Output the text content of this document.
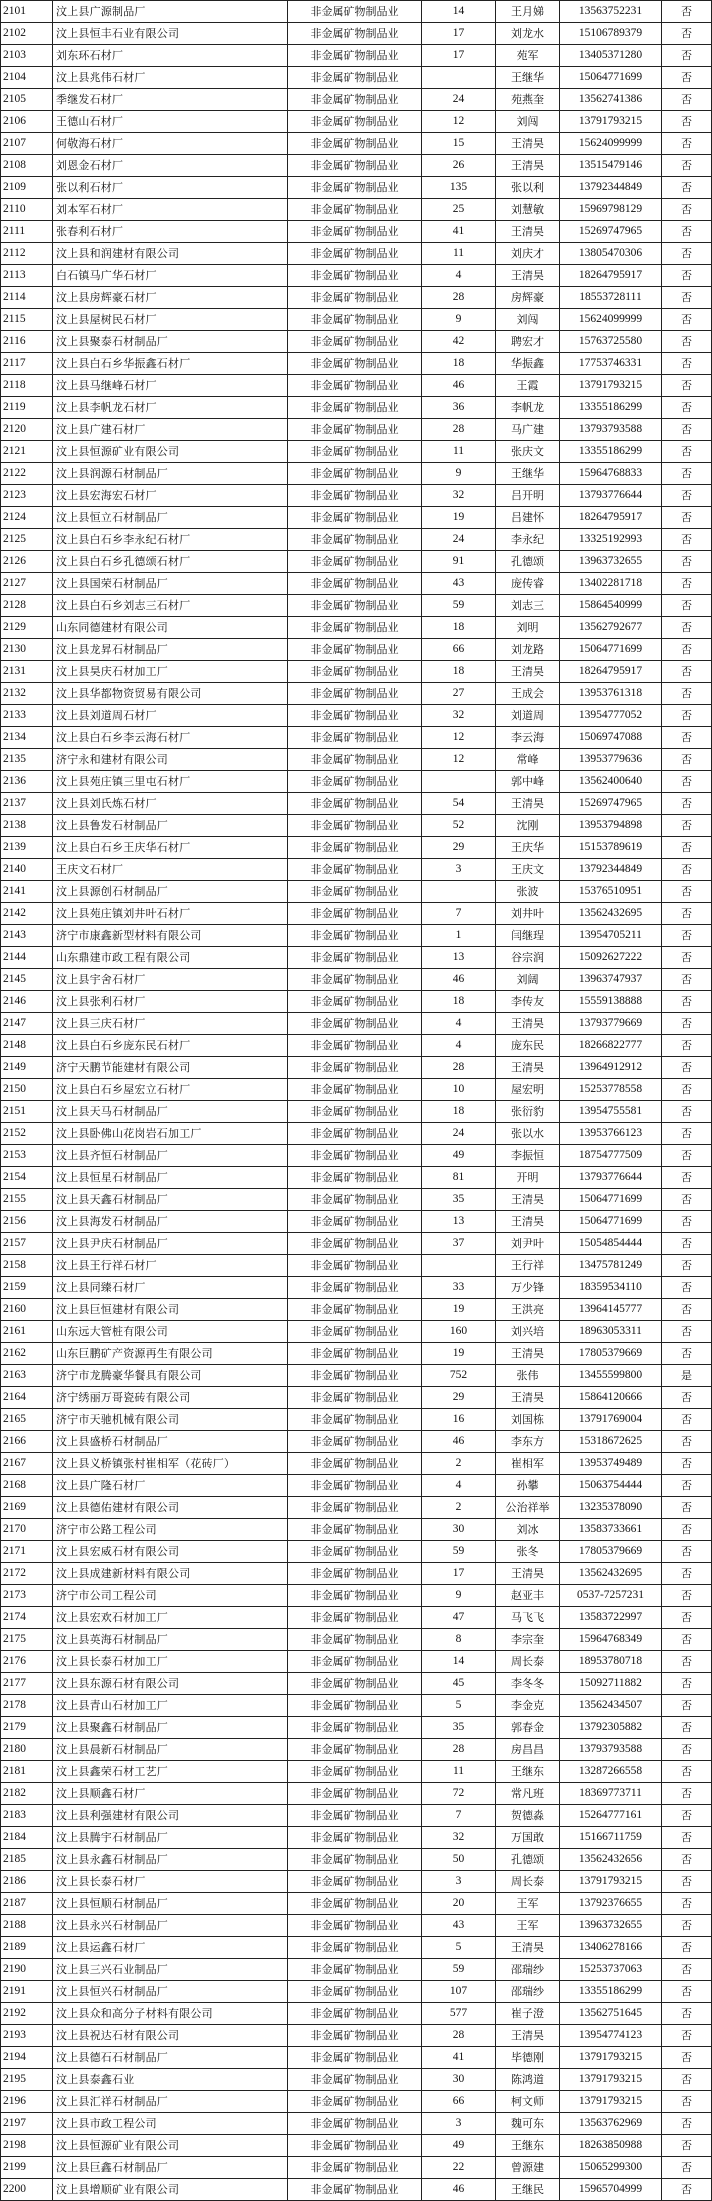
2101	汶上县广源制品厂	非金属矿物制品业	14	王月娣	13563752231	否
2102	汶上县恒丰石业有限公司	非金属矿物制品业	17	刘龙水	15106789379	否
2103	刘东环石材厂	非金属矿物制品业	17	苑军	13405371280	否
2104	汶上县兆伟石材厂	非金属矿物制品业		王继华	15064771699	否
2105	季继发石材厂	非金属矿物制品业	24	苑燕奎	13562741386	否
2106	王德山石材厂	非金属矿物制品业	12	刘闯	13791793215	否
2107	何敬海石材厂	非金属矿物制品业	15	王清昊	15624099999	否
2108	刘恩金石材厂	非金属矿物制品业	26	王清昊	13515479146	否
2109	张以利石材厂	非金属矿物制品业	135	张以利	13792344849	否
2110	刘本军石材厂	非金属矿物制品业	25	刘慧敏	15969798129	否
2111	张春利石材厂	非金属矿物制品业	41	王清昊	15269747965	否
2112	汶上县和润建材有限公司	非金属矿物制品业	11	刘庆才	13805470306	否
2113	白石镇马广华石材厂	非金属矿物制品业	4	王清昊	18264795917	否
2114	汶上县房辉豪石材厂	非金属矿物制品业	28	房辉豪	18553728111	否
2115	汶上县屋树民石材厂	非金属矿物制品业	9	刘闯	15624099999	否
2116	汶上县聚泰石材制品厂	非金属矿物制品业	42	聘宏才	15763725580	否
2117	汶上县白石乡华振鑫石材厂	非金属矿物制品业	18	华振鑫	17753746331	否
2118	汶上县马继峰石材厂	非金属矿物制品业	46	王霞	13791793215	否
2119	汶上县李帆龙石材厂	非金属矿物制品业	36	李帆龙	13355186299	否
2120	汶上县广建石材厂	非金属矿物制品业	28	马广建	13793793588	否
2121	汶上县恒源矿业有限公司	非金属矿物制品业	11	张庆文	13355186299	否
2122	汶上县润源石材制品厂	非金属矿物制品业	9	王继华	15964768833	否
2123	汶上县宏海宏石材厂	非金属矿物制品业	32	吕开明	13793776644	否
2124	汶上县恒立石材制品厂	非金属矿物制品业	19	吕建怀	18264795917	否
2125	汶上县白石乡李永纪石材厂	非金属矿物制品业	24	李永纪	13325192993	否
2126	汶上县白石乡孔德颂石材厂	非金属矿物制品业	91	孔德颂	13963732655	否
2127	汶上县国荣石材制品厂	非金属矿物制品业	43	庞传睿	13402281718	否
2128	汶上县白石乡刘志三石材厂	非金属矿物制品业	59	刘志三	15864540999	否
2129	山东同德建材有限公司	非金属矿物制品业	18	刘明	13562792677	否
2130	汶上县龙昇石材制品厂	非金属矿物制品业	66	刘龙路	15064771699	否
2131	汶上县昊庆石材加工厂	非金属矿物制品业	18	王清昊	18264795917	否
2132	汶上县华都物资贸易有限公司	非金属矿物制品业	27	王成会	13953761318	否
2133	汶上县刘道周石材厂	非金属矿物制品业	32	刘道周	13954777052	否
2134	汶上县白石乡李云海石材厂	非金属矿物制品业	12	李云海	15069747088	否
2135	济宁永和建材有限公司	非金属矿物制品业	12	常峰	13953779636	否
2136	汶上县苑庄镇三里屯石材厂	非金属矿物制品业		郭中峰	13562400640	否
2137	汶上县刘氏炼石材厂	非金属矿物制品业	54	王清昊	15269747965	否
2138	汶上县鲁发石材制品厂	非金属矿物制品业	52	沈刚	13953794898	否
2139	汶上县白石乡王庆华石材厂	非金属矿物制品业	29	王庆华	15153789619	否
2140	王庆文石材厂	非金属矿物制品业	3	王庆文	13792344849	否
2141	汶上县源创石材制品厂	非金属矿物制品业		张波	15376510951	否
2142	汶上县苑庄镇刘井叶石材厂	非金属矿物制品业	7	刘井叶	13562432695	否
2143	济宁市康鑫新型材料有限公司	非金属矿物制品业	1	闫继珵	13954705211	否
2144	山东鼎建市政工程有限公司	非金属矿物制品业	13	谷宗润	15092627222	否
2145	汶上县宇舍石材厂	非金属矿物制品业	46	刘阔	13963747937	否
2146	汶上县张利石材厂	非金属矿物制品业	18	李传友	15559138888	否
2147	汶上县三庆石材厂	非金属矿物制品业	4	王清昊	13793779669	否
2148	汶上县白石乡庞东民石材厂	非金属矿物制品业	4	庞东民	18266822777	否
2149	济宁天鹏节能建材有限公司	非金属矿物制品业	28	王清昊	13964912912	否
2150	汶上县白石乡屋宏立石材厂	非金属矿物制品业	10	屋宏明	15253778558	否
2151	汶上县天马石材制品厂	非金属矿物制品业	18	张衍豹	13954755581	否
2152	汶上县卧佛山花岗岩石加工厂	非金属矿物制品业	24	张以水	13953766123	否
2153	汶上县齐恒石材制品厂	非金属矿物制品业	49	李振恒	18754777509	否
2154	汶上县恒星石材制品厂	非金属矿物制品业	81	开明	13793776644	否
2155	汶上县天鑫石材制品厂	非金属矿物制品业	35	王清昊	15064771699	否
2156	汶上县海发石材制品厂	非金属矿物制品业	13	王清昊	15064771699	否
2157	汶上县尹庆石材制品厂	非金属矿物制品业	37	刘尹叶	15054854444	否
2158	汶上县王行祥石材厂	非金属矿物制品业		王行祥	13475781249	否
2159	汶上县同臻石材厂	非金属矿物制品业	33	万少锋	18359534110	否
2160	汶上县巨恒建材有限公司	非金属矿物制品业	19	王洪亮	13964145777	否
2161	山东远大管桩有限公司	非金属矿物制品业	160	刘兴培	18963053311	否
2162	山东巨鹏矿产资源再生有限公司	非金属矿物制品业	19	王清昊	17805379669	否
2163	济宁市龙腾豪华餐具有限公司	非金属矿物制品业	752	张伟	13455599800	是
2164	济宁绣丽万哥瓷砖有限公司	非金属矿物制品业	29	王清昊	15864120666	否
2165	济宁市天驰机械有限公司	非金属矿物制品业	16	刘国栋	13791769004	否
2166	汶上县盛桥石材制品厂	非金属矿物制品业	46	李东方	15318672625	否
2167	汶上县义桥镇张村崔相军（花砖厂）	非金属矿物制品业	2	崔相军	13953749489	否
2168	汶上县广隆石材厂	非金属矿物制品业	4	孙攀	15063754444	否
2169	汶上县德佑建材有限公司	非金属矿物制品业	2	公治祥举	13235378090	否
2170	济宁市公路工程公司	非金属矿物制品业	30	刘冰	13583733661	否
2171	汶上县宏威石材有限公司	非金属矿物制品业	59	张冬	17805379669	否
2172	汶上县成建新材料有限公司	非金属矿物制品业	17	王清昊	13562432695	否
2173	济宁市公司工程公司	非金属矿物制品业	9	赵亚丰	0537-7257231	否
2174	汶上县宏欢石材加工厂	非金属矿物制品业	47	马飞飞	13583722997	否
2175	汶上县英海石材制品厂	非金属矿物制品业	8	李宗奎	15964768349	否
2176	汶上县长泰石材加工厂	非金属矿物制品业	14	周长泰	18953780718	否
2177	汶上县东源石材有限公司	非金属矿物制品业	45	李冬冬	15092711882	否
2178	汶上县青山石材加工厂	非金属矿物制品业	5	李金克	13562434507	否
2179	汶上县聚鑫石材制品厂	非金属矿物制品业	35	郭春金	13792305882	否
2180	汶上县晨新石材制品厂	非金属矿物制品业	28	房昌昌	13793793588	否
2181	汶上县鑫荣石材工艺厂	非金属矿物制品业	11	王继东	13287266558	否
2182	汶上县顺鑫石材厂	非金属矿物制品业	72	常凡班	18369773711	否
2183	汶上县利强建材有限公司	非金属矿物制品业	7	贺德淼	15264777161	否
2184	汶上县腾宇石材制品厂	非金属矿物制品业	32	万国敢	15166711759	否
2185	汶上县永鑫石材制品厂	非金属矿物制品业	50	孔德颂	13562432656	否
2186	汶上县长泰石材厂	非金属矿物制品业	3	周长泰	13791793215	否
2187	汶上县恒顺石材制品厂	非金属矿物制品业	20	王军	13792376655	否
2188	汶上县永兴石材制品厂	非金属矿物制品业	43	王军	13963732655	否
2189	汶上县运鑫石材厂	非金属矿物制品业	5	王清昊	13406278166	否
2190	汶上县三兴石业制品厂	非金属矿物制品业	59	邵瑞纱	15253737063	否
2191	汶上县恒兴石材制品厂	非金属矿物制品业	107	邵瑞纱	13355186299	否
2192	汶上县众和高分子材料有限公司	非金属矿物制品业	577	崔子澄	13562751645	否
2193	汶上县祝达石材有限公司	非金属矿物制品业	28	王清昊	13954774123	否
2194	汶上县德石石材制品厂	非金属矿物制品业	41	毕德刚	13791793215	否
2195	汶上县泰鑫石业	非金属矿物制品业	30	陈鸿道	13791793215	否
2196	汶上县汇祥石材制品厂	非金属矿物制品业	66	柯文师	13791793215	否
2197	汶上县市政工程公司	非金属矿物制品业	3	魏可东	13563762969	否
2198	汶上县恒源矿业有限公司	非金属矿物制品业	49	王继东	18263850988	否
2199	汶上县巨鑫石材制品厂	非金属矿物制品业	22	曾源建	15065299300	否
2200	汶上县增顺矿业有限公司	非金属矿物制品业	46	王继民	15965704999	否
